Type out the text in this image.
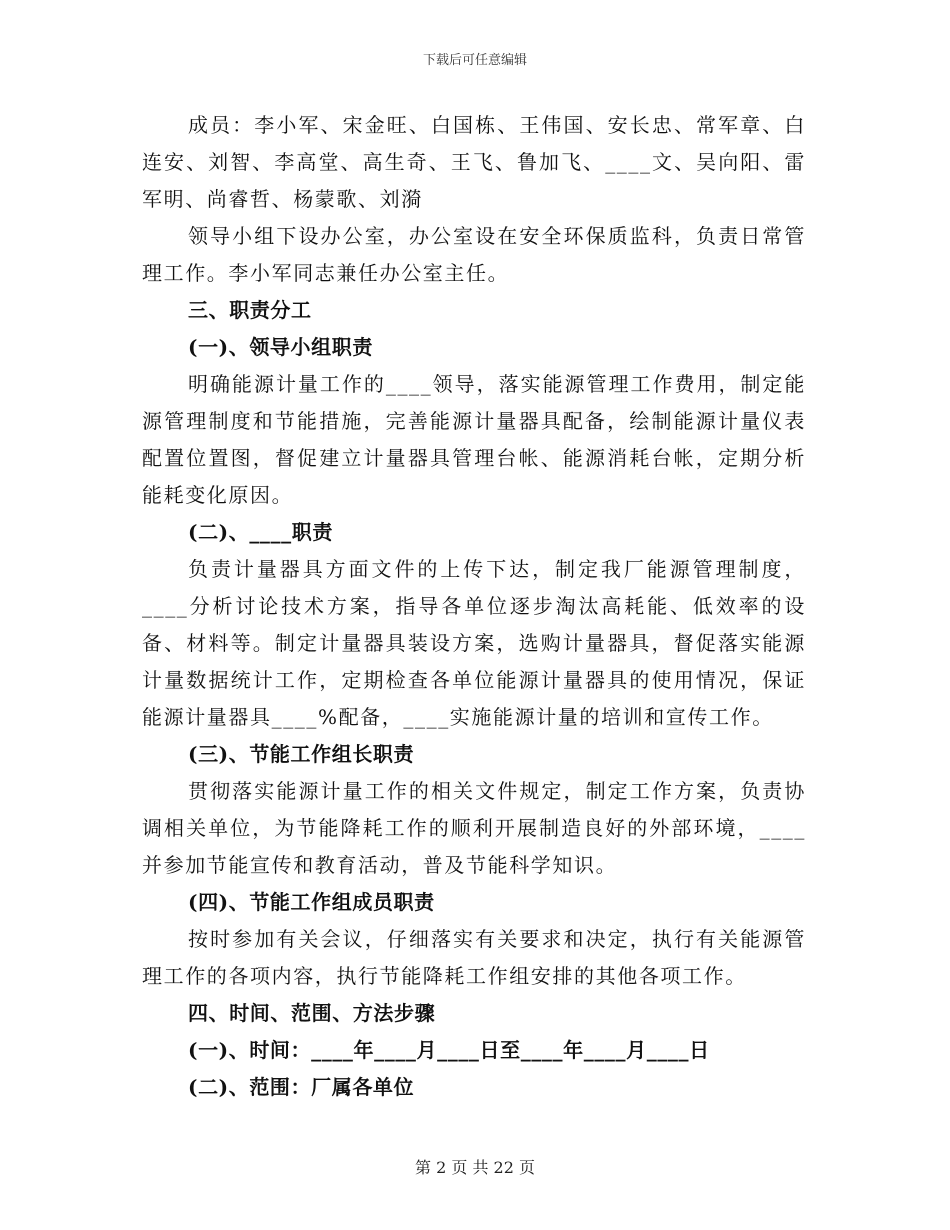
下载后可任意编辑

成员：李小军、宋金旺、白国栋、王伟国、安长忠、常军章、白连安、刘智、李高堂、高生奇、王飞、鲁加飞、____文、吴向阳、雷军明、尚睿哲、杨蒙歌、刘漪

领导小组下设办公室，办公室设在安全环保质监科，负责日常管理工作。李小军同志兼任办公室主任。

三、职责分工

(一)、领导小组职责

明确能源计量工作的____领导，落实能源管理工作费用，制定能源管理制度和节能措施，完善能源计量器具配备，绘制能源计量仪表配置位置图，督促建立计量器具管理台帐、能源消耗台帐，定期分析能耗变化原因。

(二)、____职责

负责计量器具方面文件的上传下达，制定我厂能源管理制度，____分析讨论技术方案，指导各单位逐步淘汰高耗能、低效率的设备、材料等。制定计量器具装设方案，选购计量器具，督促落实能源计量数据统计工作，定期检查各单位能源计量器具的使用情况，保证能源计量器具____%配备，____实施能源计量的培训和宣传工作。

(三)、节能工作组长职责

贯彻落实能源计量工作的相关文件规定，制定工作方案，负责协调相关单位，为节能降耗工作的顺利开展制造良好的外部环境，____并参加节能宣传和教育活动，普及节能科学知识。

(四)、节能工作组成员职责

按时参加有关会议，仔细落实有关要求和决定，执行有关能源管理工作的各项内容，执行节能降耗工作组安排的其他各项工作。

四、时间、范围、方法步骤

(一)、时间：____年____月____日至____年____月____日

(二)、范围：厂属各单位

第 2 页 共 22 页
